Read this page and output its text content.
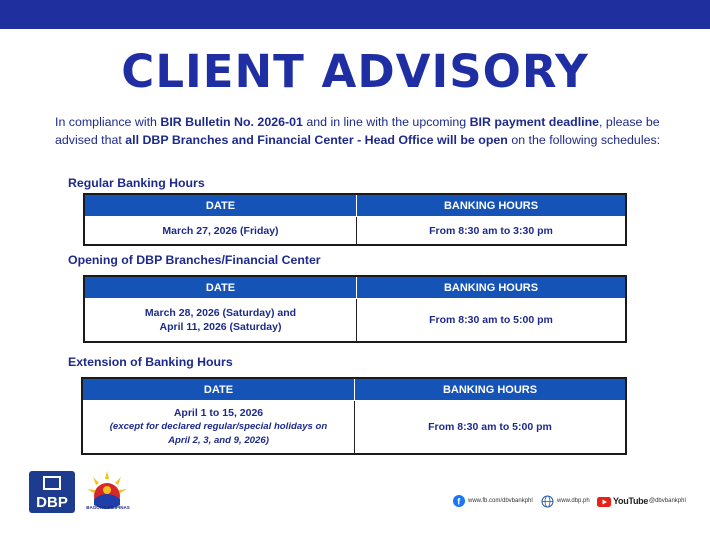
CLIENT ADVISORY
In compliance with BIR Bulletin No. 2026-01 and in line with the upcoming BIR payment deadline, please be advised that all DBP Branches and Financial Center - Head Office will be open on the following schedules:
Regular Banking Hours
DATE	BANKING HOURS
March 27, 2026 (Friday)	From 8:30 am to 3:30 pm
Opening of DBP Branches/Financial Center
DATE	BANKING HOURS

March 28, 2026 (Saturday) and
April 11, 2026 (Saturday)	From 8:30 am to 5:00 pm
Extension of Banking Hours
DATE	BANKING HOURS

April 1 to 15, 2026
(except for declared regular/special holidays on
April 2, 3, and 9, 2026)	From 8:30 am to 5:00 pm
DBP	BAGONG PILIPINAS
f www.fb.com/dbvbankphl	www.dbp.ph	YouTube @dbvbankphl
